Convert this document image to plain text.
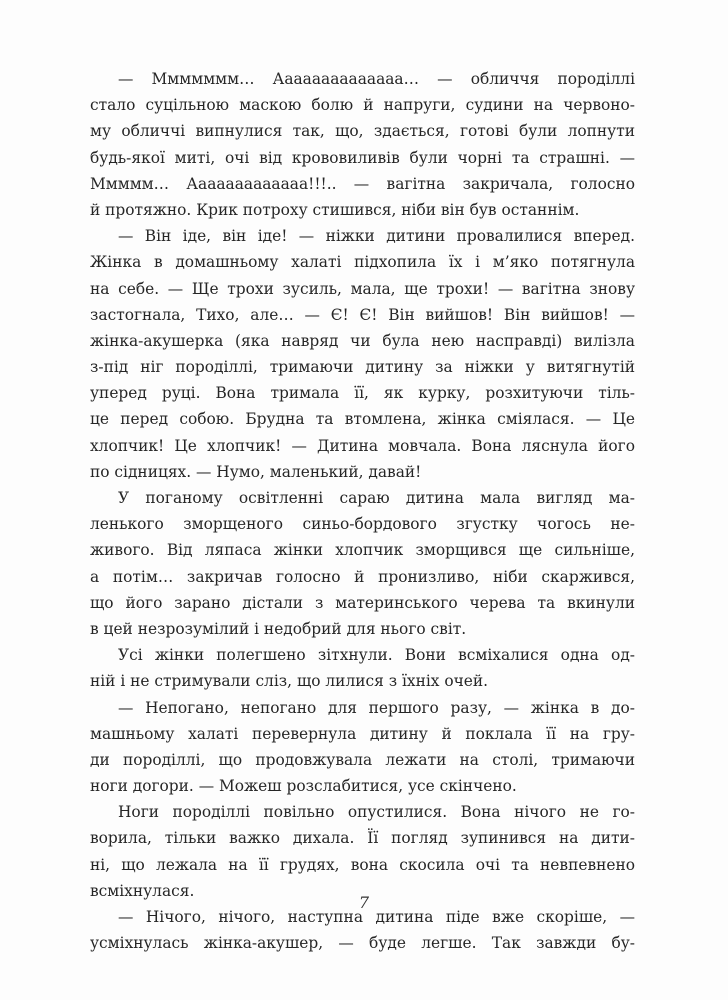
— Ммммммм… Аааааааааааааа… — обличчя породіллі
стало суцільною маскою болю й напруги, судини на червоно-
му обличчі випнулися так, що, здається, готові були лопнути
будь-якої миті, очі від крововиливів були чорні та страшні. —
Ммммм… Ааааааааааааа!!!.. — вагітна закричала, голосно
й протяжно. Крик потроху стишився, ніби він був останнім.
— Він іде, він іде! — ніжки дитини провалилися вперед.
Жінка в домашньому халаті підхопила їх і м’яко потягнула
на себе. — Ще трохи зусиль, мала, ще трохи! — вагітна знову
застогнала, Тихо, але… — Є! Є! Він вийшов! Він вийшов! —
жінка-акушерка (яка навряд чи була нею насправді) вилізла
з-під ніг породіллі, тримаючи дитину за ніжки у витягнутій
уперед руці. Вона тримала її, як курку, розхитуючи тіль-
це перед собою. Брудна та втомлена, жінка сміялася. — Це
хлопчик! Це хлопчик! — Дитина мовчала. Вона ляснула його
по сідницях. — Нумо, маленький, давай!
У поганому освітленні сараю дитина мала вигляд ма-
ленького зморщеного синьо-бордового згустку чогось не-
живого. Від ляпаса жінки хлопчик зморщився ще сильніше,
а потім… закричав голосно й пронизливо, ніби скаржився,
що його зарано дістали з материнського черева та вкинули
в цей незрозумілий і недобрий для нього світ.
Усі жінки полегшено зітхнули. Вони всміхалися одна од-
ній і не стримували сліз, що лилися з їхніх очей.
— Непогано, непогано для першого разу, — жінка в до-
машньому халаті перевернула дитину й поклала її на гру-
ди породіллі, що продовжувала лежати на столі, тримаючи
ноги догори. — Можеш розслабитися, усе скінчено.
Ноги породіллі повільно опустилися. Вона нічого не го-
ворила, тільки важко дихала. Її погляд зупинився на дити-
ні, що лежала на її грудях, вона скосила очі та невпевнено
всміхнулася.
— Нічого, нічого, наступна дитина піде вже скоріше, —
усміхнулась жінка-акушер, — буде легше. Так завжди бу-
7
